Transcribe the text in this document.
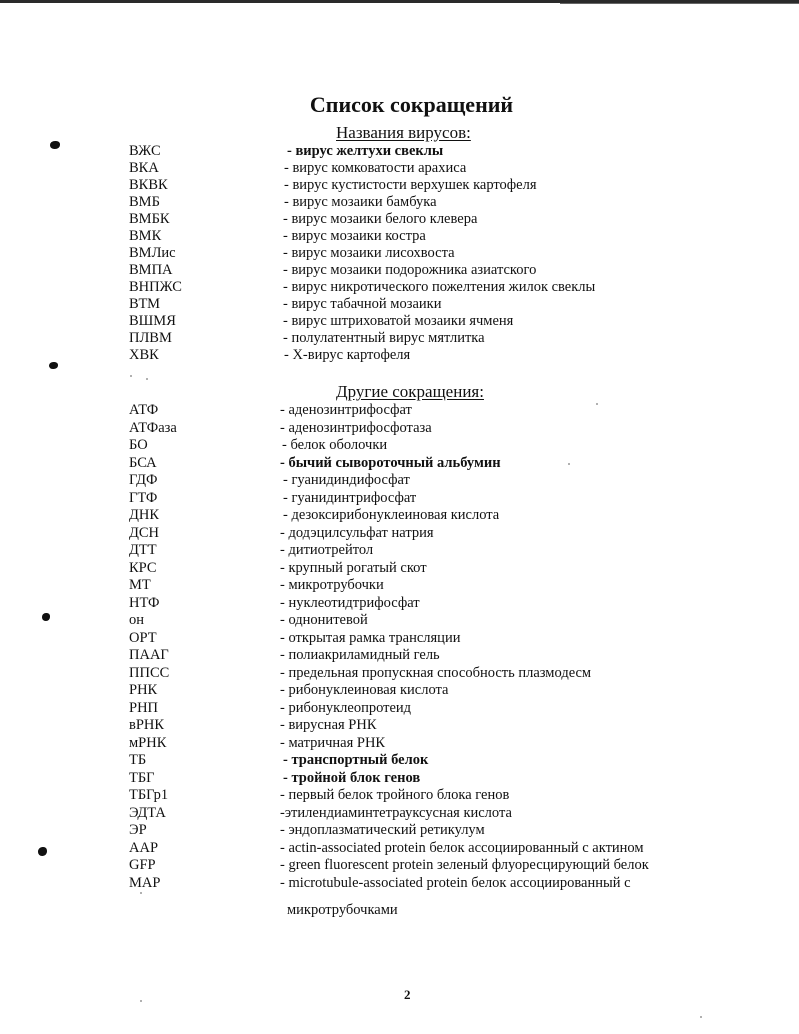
Список сокращений
Названия вирусов:
ВЖС	- вирус желтухи свеклы
ВКА	- вирус комковатости арахиса
ВКВК	- вирус кустистости верхушек картофеля
ВМБ	- вирус мозаики бамбука
ВМБК	- вирус мозаики белого клевера
ВМК	- вирус мозаики костра
ВМЛис	- вирус мозаики лисохвоста
ВМПА	- вирус мозаики подорожника азиатского
ВНПЖС	- вирус никротического пожелтения жилок свеклы
ВТМ	- вирус табачной мозаики
ВШМЯ	- вирус штриховатой мозаики ячменя
ПЛВМ	- полулатентный вирус мятлитка
ХВК	- Х-вирус картофеля
Другие сокращения:
АТФ	- аденозинтрифосфат
АТФаза	- аденозинтрифосфотаза
БО	- белок оболочки
БСА	- бычий сывороточный альбумин
ГДФ	- гуанидиндифосфат
ГТФ	- гуанидинтрифосфат
ДНК	- дезоксирибонуклеиновая кислота
ДСН	- додэцилсульфат натрия
ДТТ	- дитиотрейтол
КРС	- крупный рогатый скот
МТ	- микротрубочки
НТФ	- нуклеотидтрифосфат
он	- однонитевой
ОРТ	- открытая рамка трансляции
ПААГ	- полиакриламидный гель
ППСС	- предельная пропускная способность плазмодесм
РНК	- рибонуклеиновая кислота
РНП	- рибонуклеопротеид
вРНК	- вирусная РНК
мРНК	- матричная РНК
ТБ	- транспортный белок
ТБГ	- тройной блок генов
ТБГр1	- первый белок тройного блока генов
ЭДТА	-этилендиаминтетрауксусная кислота
ЭР	- эндоплазматический ретикулум
AAP	- actin-associated protein белок ассоциированный с актином
GFP	- green fluorescent protein зеленый флуоресцирующий белок
MAP	- microtubule-associated protein белок ассоциированный с
микротрубочками
2
